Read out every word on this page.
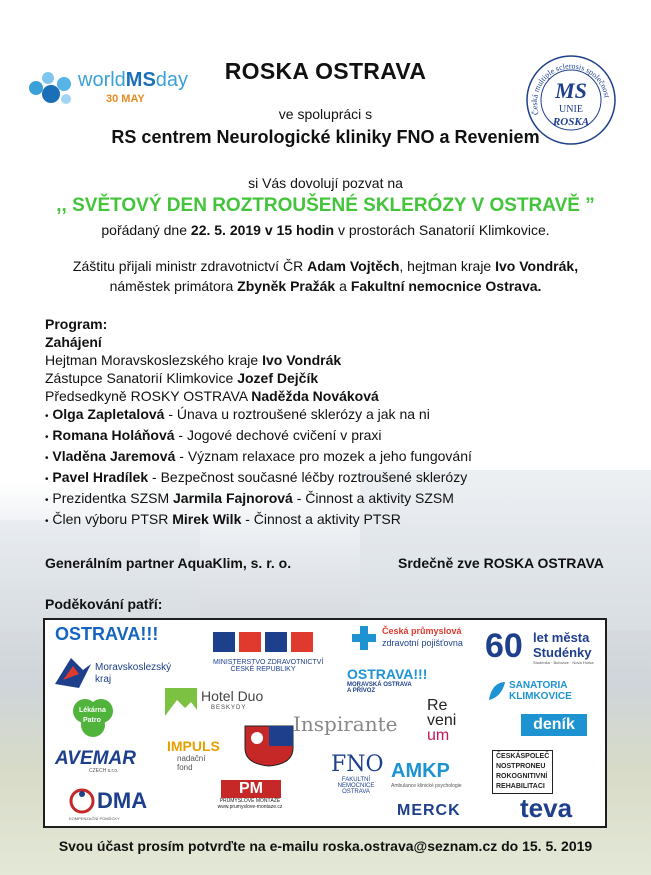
worldMSday
30 MAY
Česká multiple sclerosis společnost
MS
UNIE
ROSKA
ROSKA OSTRAVA
ve spolupráci s
RS centrem Neurologické kliniky FNO a Reveniem
si Vás dovolují pozvat na
,, SVĚTOVÝ DEN ROZTROUŠENÉ SKLERÓZY V OSTRAVĚ ”
pořádaný dne 22. 5. 2019 v 15 hodin v prostorách Sanatorií Klimkovice.
Záštitu přijali ministr zdravotnictví ČR Adam Vojtěch, hejtman kraje Ivo Vondrák,
náměstek primátora Zbyněk Pražák a Fakultní nemocnice Ostrava.
Program:
Zahájení
Hejtman Moravskoslezského kraje Ivo Vondrák
Zástupce Sanatorií Klimkovice Jozef Dejčík
Předsedkyně ROSKY OSTRAVA Naděžda Nováková
• Olga Zapletalová - Únava u roztroušené sklerózy a jak na ni
• Romana Holáňová - Jogové dechové cvičení v praxi
• Vladěna Jaremová - Význam relaxace pro mozek a jeho fungování
• Pavel Hradílek - Bezpečnost současné léčby roztroušené sklerózy
• Prezidentka SZSM Jarmila Fajnorová - Činnost a aktivity SZSM
• Člen výboru PTSR Mirek Wilk - Činnost a aktivity PTSR
Generálním partner AquaKlim, s. r. o.	Srdečně zve ROSKA OSTRAVA
Poděkování patří:
OSTRAVA!!!
MINISTERSTVO ZDRAVOTNICTVÍ
ČESKÉ REPUBLIKY
Česká průmyslová
zdravotní pojišťovna 60 let města
Studénky
Studénka · Butovice · Nová Horka
Moravskoslezský
kraj	OSTRAVA!!!
MORAVSKÁ OSTRAVA
A PŘÍVOZ	SANATORIA
KLIMKOVICE
Lékárna
Patro
Hotel Duo
BESKYDY
Inspirante
Re
veni
um
deník
AVEMAR
CZECH s.r.o.
IMPULS
nadační
fond	FNO
FAKULTNÍ
NEMOCNICE
OSTRAVA
AMKP
Ambulance klinické psychologie
ČESKÁSPOLEČ
NOSTPRONEU
ROKOGNITIVNÍ
REHABILITACI
DMA
KOMPENZAČNÍ POMŮCKY
PM
PRŮMYSLOVÉ MONTÁŽE
www.prumyslove-montaze.cz	MERCK teva
Svou účast prosím potvrďte na e-mailu roska.ostrava@seznam.cz do 15. 5. 2019
